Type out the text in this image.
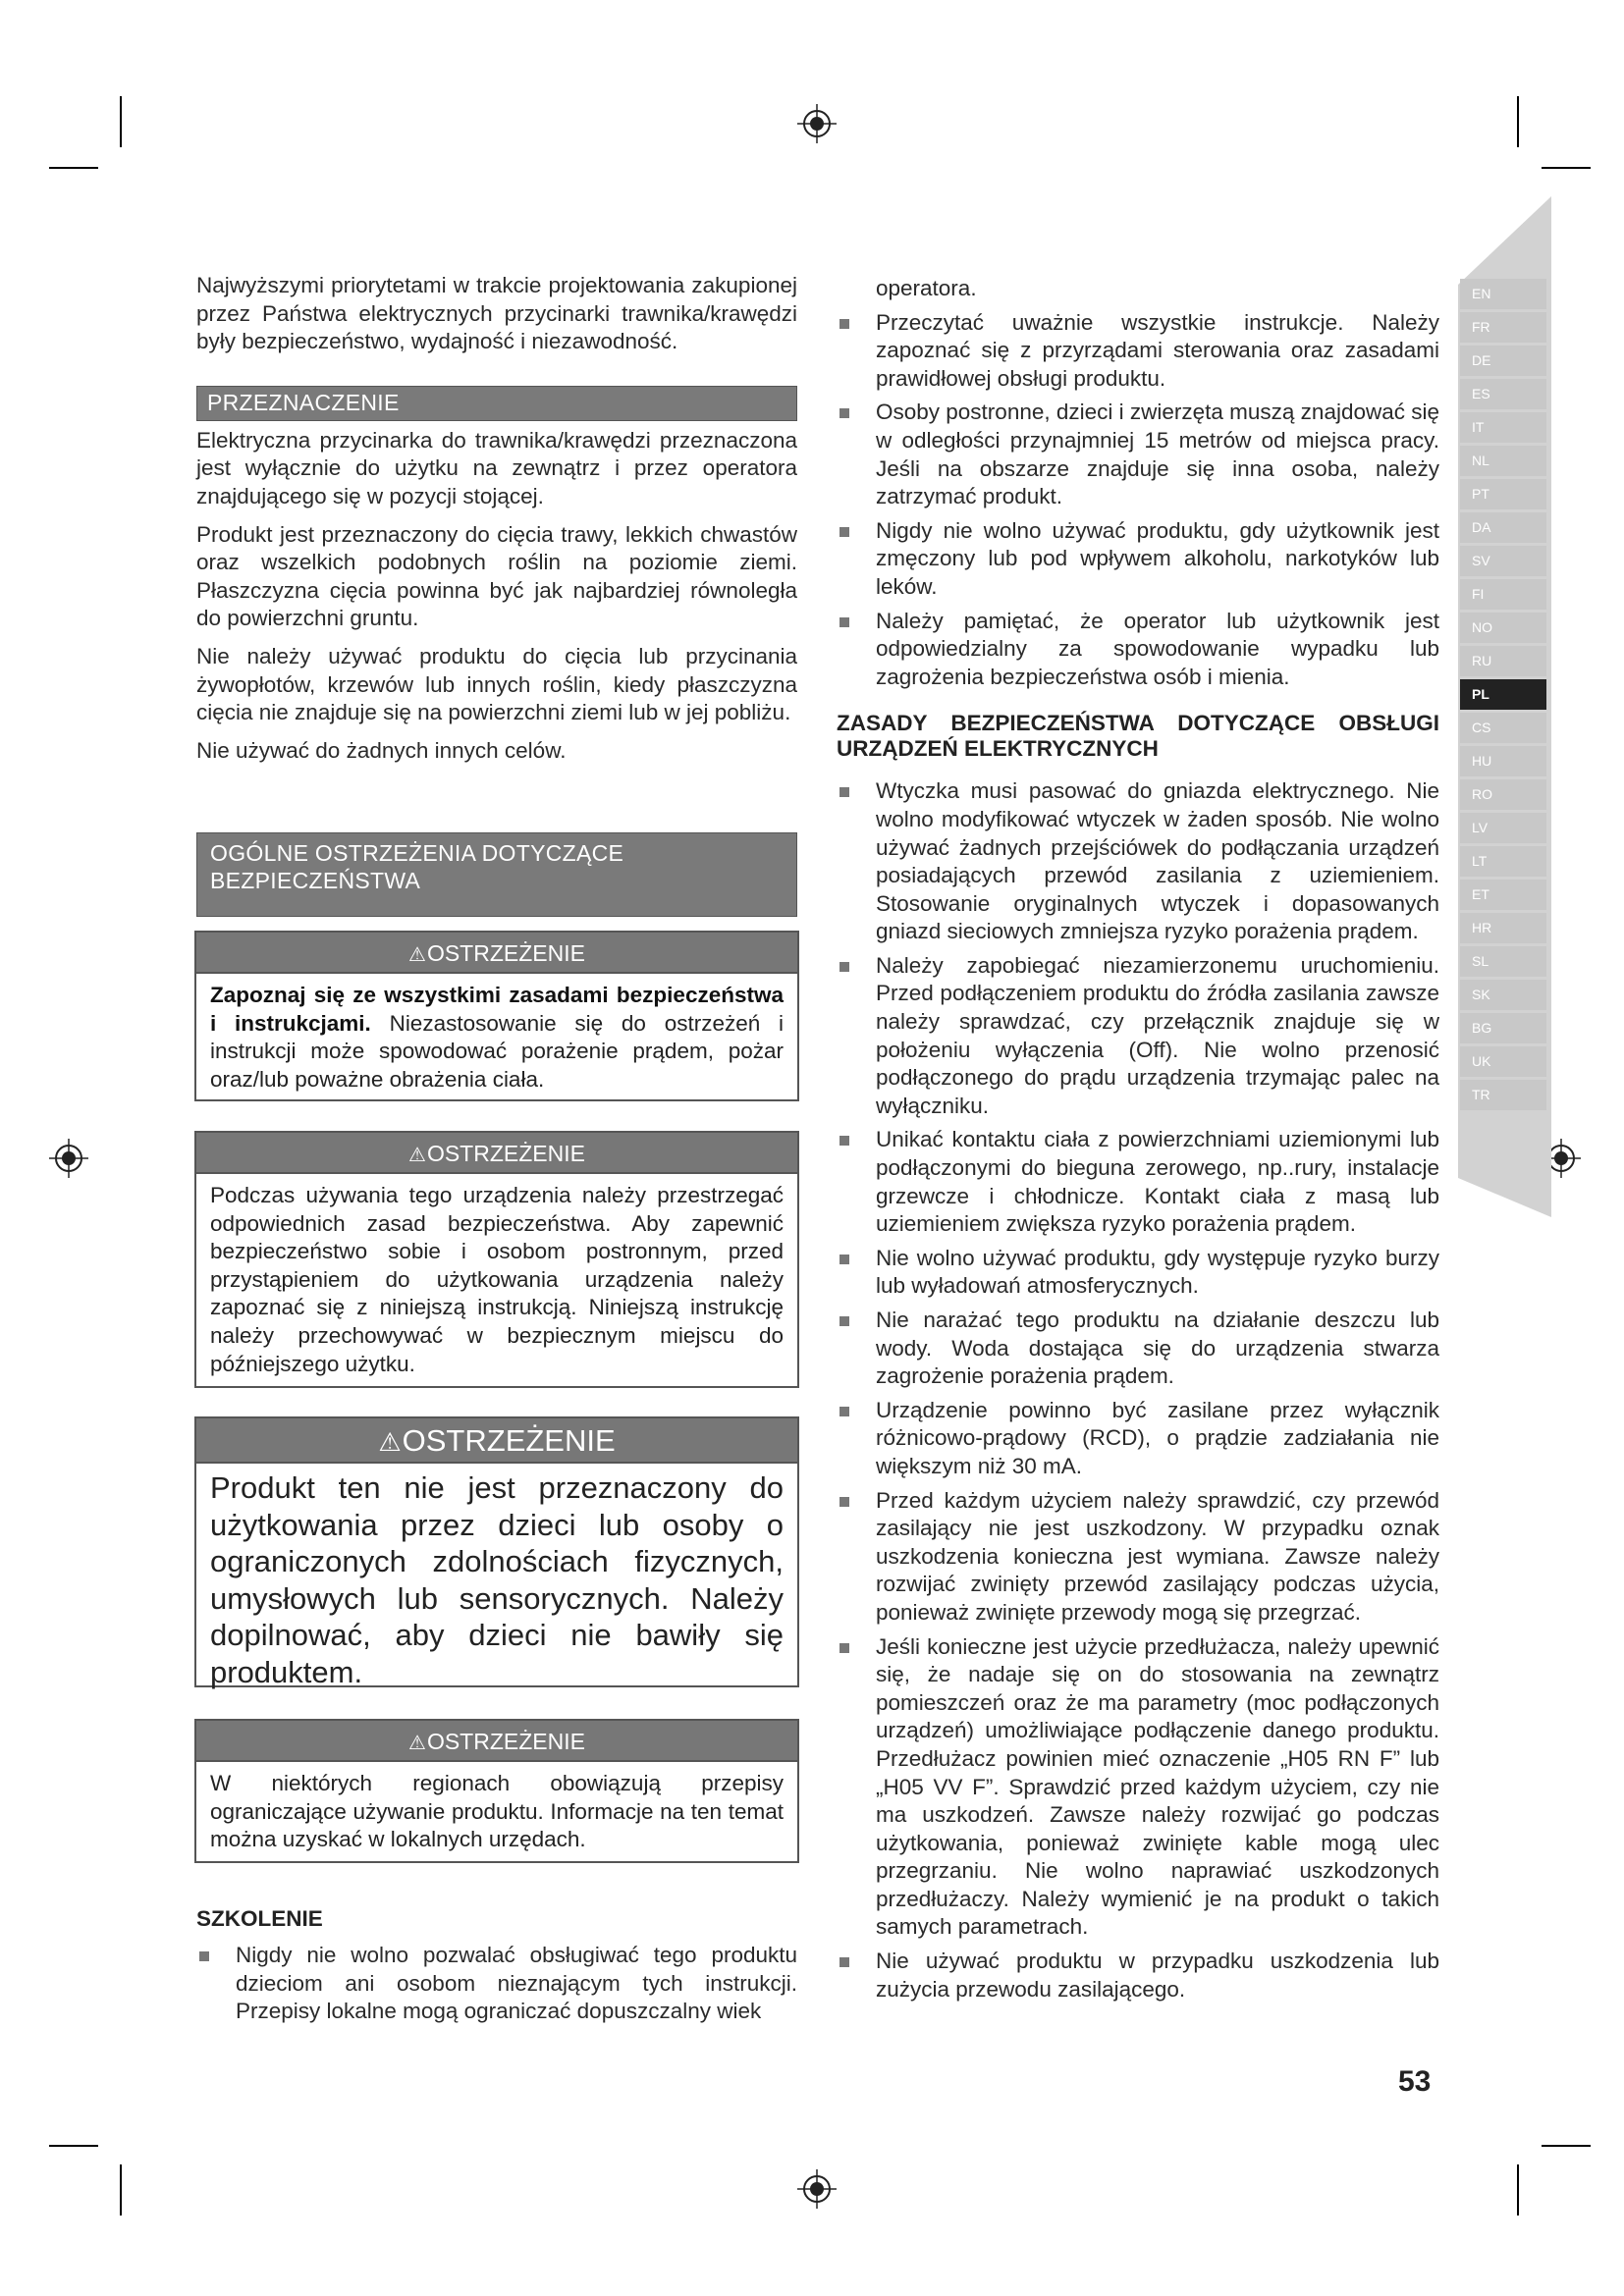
Najwyższymi priorytetami w trakcie projektowania zakupionej przez Państwa elektrycznych przycinarki trawnika/krawędzi były bezpieczeństwo, wydajność i niezawodność.

PRZEZNACZENIE

Elektryczna przycinarka do trawnika/krawędzi przeznaczona jest wyłącznie do użytku na zewnątrz i przez operatora znajdującego się w pozycji stojącej.

Produkt jest przeznaczony do cięcia trawy, lekkich chwastów oraz wszelkich podobnych roślin na poziomie ziemi. Płaszczyzna cięcia powinna być jak najbardziej równoległa do powierzchni gruntu.

Nie należy używać produktu do cięcia lub przycinania żywopłotów, krzewów lub innych roślin, kiedy płaszczyzna cięcia nie znajduje się na powierzchni ziemi lub w jej pobliżu.

Nie używać do żadnych innych celów.

OGÓLNE OSTRZEŻENIA DOTYCZĄCE
BEZPIECZEŃSTWA
⚠OSTRZEŻENIE
Zapoznaj się ze wszystkimi zasadami bezpieczeństwa i instrukcjami. Niezastosowanie się do ostrzeżeń i instrukcji może spowodować porażenie prądem, pożar oraz/lub poważne obrażenia ciała.
⚠OSTRZEŻENIE
Podczas używania tego urządzenia należy przestrzegać odpowiednich zasad bezpieczeństwa. Aby zapewnić bezpieczeństwo sobie i osobom postronnym, przed przystąpieniem do użytkowania urządzenia należy zapoznać się z niniejszą instrukcją. Niniejszą instrukcję należy przechowywać w bezpiecznym miejscu do późniejszego użytku.
⚠OSTRZEŻENIE
Produkt ten nie jest przeznaczony do użytkowania przez dzieci lub osoby o ograniczonych zdolnościach fizycznych, umysłowych lub sensorycznych. Należy dopilnować, aby dzieci nie bawiły się produktem.
⚠OSTRZEŻENIE
W niektórych regionach obowiązują przepisy ograniczające używanie produktu. Informacje na ten temat można uzyskać w lokalnych urzędach.
SZKOLENIE
Nigdy nie wolno pozwalać obsługiwać tego produktu dzieciom ani osobom nieznającym tych instrukcji. Przepisy lokalne mogą ograniczać dopuszczalny wiek

operatora.

Przeczytać uważnie wszystkie instrukcje. Należy zapoznać się z przyrządami sterowania oraz zasadami prawidłowej obsługi produktu.
Osoby postronne, dzieci i zwierzęta muszą znajdować się w odległości przynajmniej 15 metrów od miejsca pracy. Jeśli na obszarze znajduje się inna osoba, należy zatrzymać produkt.
Nigdy nie wolno używać produktu, gdy użytkownik jest zmęczony lub pod wpływem alkoholu, narkotyków lub leków.
Należy pamiętać, że operator lub użytkownik jest odpowiedzialny za spowodowanie wypadku lub zagrożenia bezpieczeństwa osób i mienia.
ZASADY BEZPIECZEŃSTWA DOTYCZĄCE OBSŁUGI URZĄDZEŃ ELEKTRYCZNYCH
Wtyczka musi pasować do gniazda elektrycznego. Nie wolno modyfikować wtyczek w żaden sposób. Nie wolno używać żadnych przejściówek do podłączania urządzeń posiadających przewód zasilania z uziemieniem. Stosowanie oryginalnych wtyczek i dopasowanych gniazd sieciowych zmniejsza ryzyko porażenia prądem.
Należy zapobiegać niezamierzonemu uruchomieniu. Przed podłączeniem produktu do źródła zasilania zawsze należy sprawdzać, czy przełącznik znajduje się w położeniu wyłączenia (Off). Nie wolno przenosić podłączonego do prądu urządzenia trzymając palec na wyłączniku.
Unikać kontaktu ciała z powierzchniami uziemionymi lub podłączonymi do bieguna zerowego, np..rury, instalacje grzewcze i chłodnicze. Kontakt ciała z masą lub uziemieniem zwiększa ryzyko porażenia prądem.
Nie wolno używać produktu, gdy występuje ryzyko burzy lub wyładowań atmosferycznych.
Nie narażać tego produktu na działanie deszczu lub wody. Woda dostająca się do urządzenia stwarza zagrożenie porażenia prądem.
Urządzenie powinno być zasilane przez wyłącznik różnicowo-prądowy (RCD), o prądzie zadziałania nie większym niż 30 mA.
Przed każdym użyciem należy sprawdzić, czy przewód zasilający nie jest uszkodzony. W przypadku oznak uszkodzenia konieczna jest wymiana. Zawsze należy rozwijać zwinięty przewód zasilający podczas użycia, ponieważ zwinięte przewody mogą się przegrzać.
Jeśli konieczne jest użycie przedłużacza, należy upewnić się, że nadaje się on do stosowania na zewnątrz pomieszczeń oraz że ma parametry (moc podłączonych urządzeń) umożliwiające podłączenie danego produktu. Przedłużacz powinien mieć oznaczenie „H05 RN F” lub „H05 VV F”. Sprawdzić przed każdym użyciem, czy nie ma uszkodzeń. Zawsze należy rozwijać go podczas użytkowania, ponieważ zwinięte kable mogą ulec przegrzaniu. Nie wolno naprawiać uszkodzonych przedłużaczy. Należy wymienić je na produkt o takich samych parametrach.
Nie używać produktu w przypadku uszkodzenia lub zużycia przewodu zasilającego.
EN
FR
DE
ES
IT
NL
PT
DA
SV
FI
NO
RU
PL
CS
HU
RO
LV
LT
ET
HR
SL
SK
BG
UK
TR
53
